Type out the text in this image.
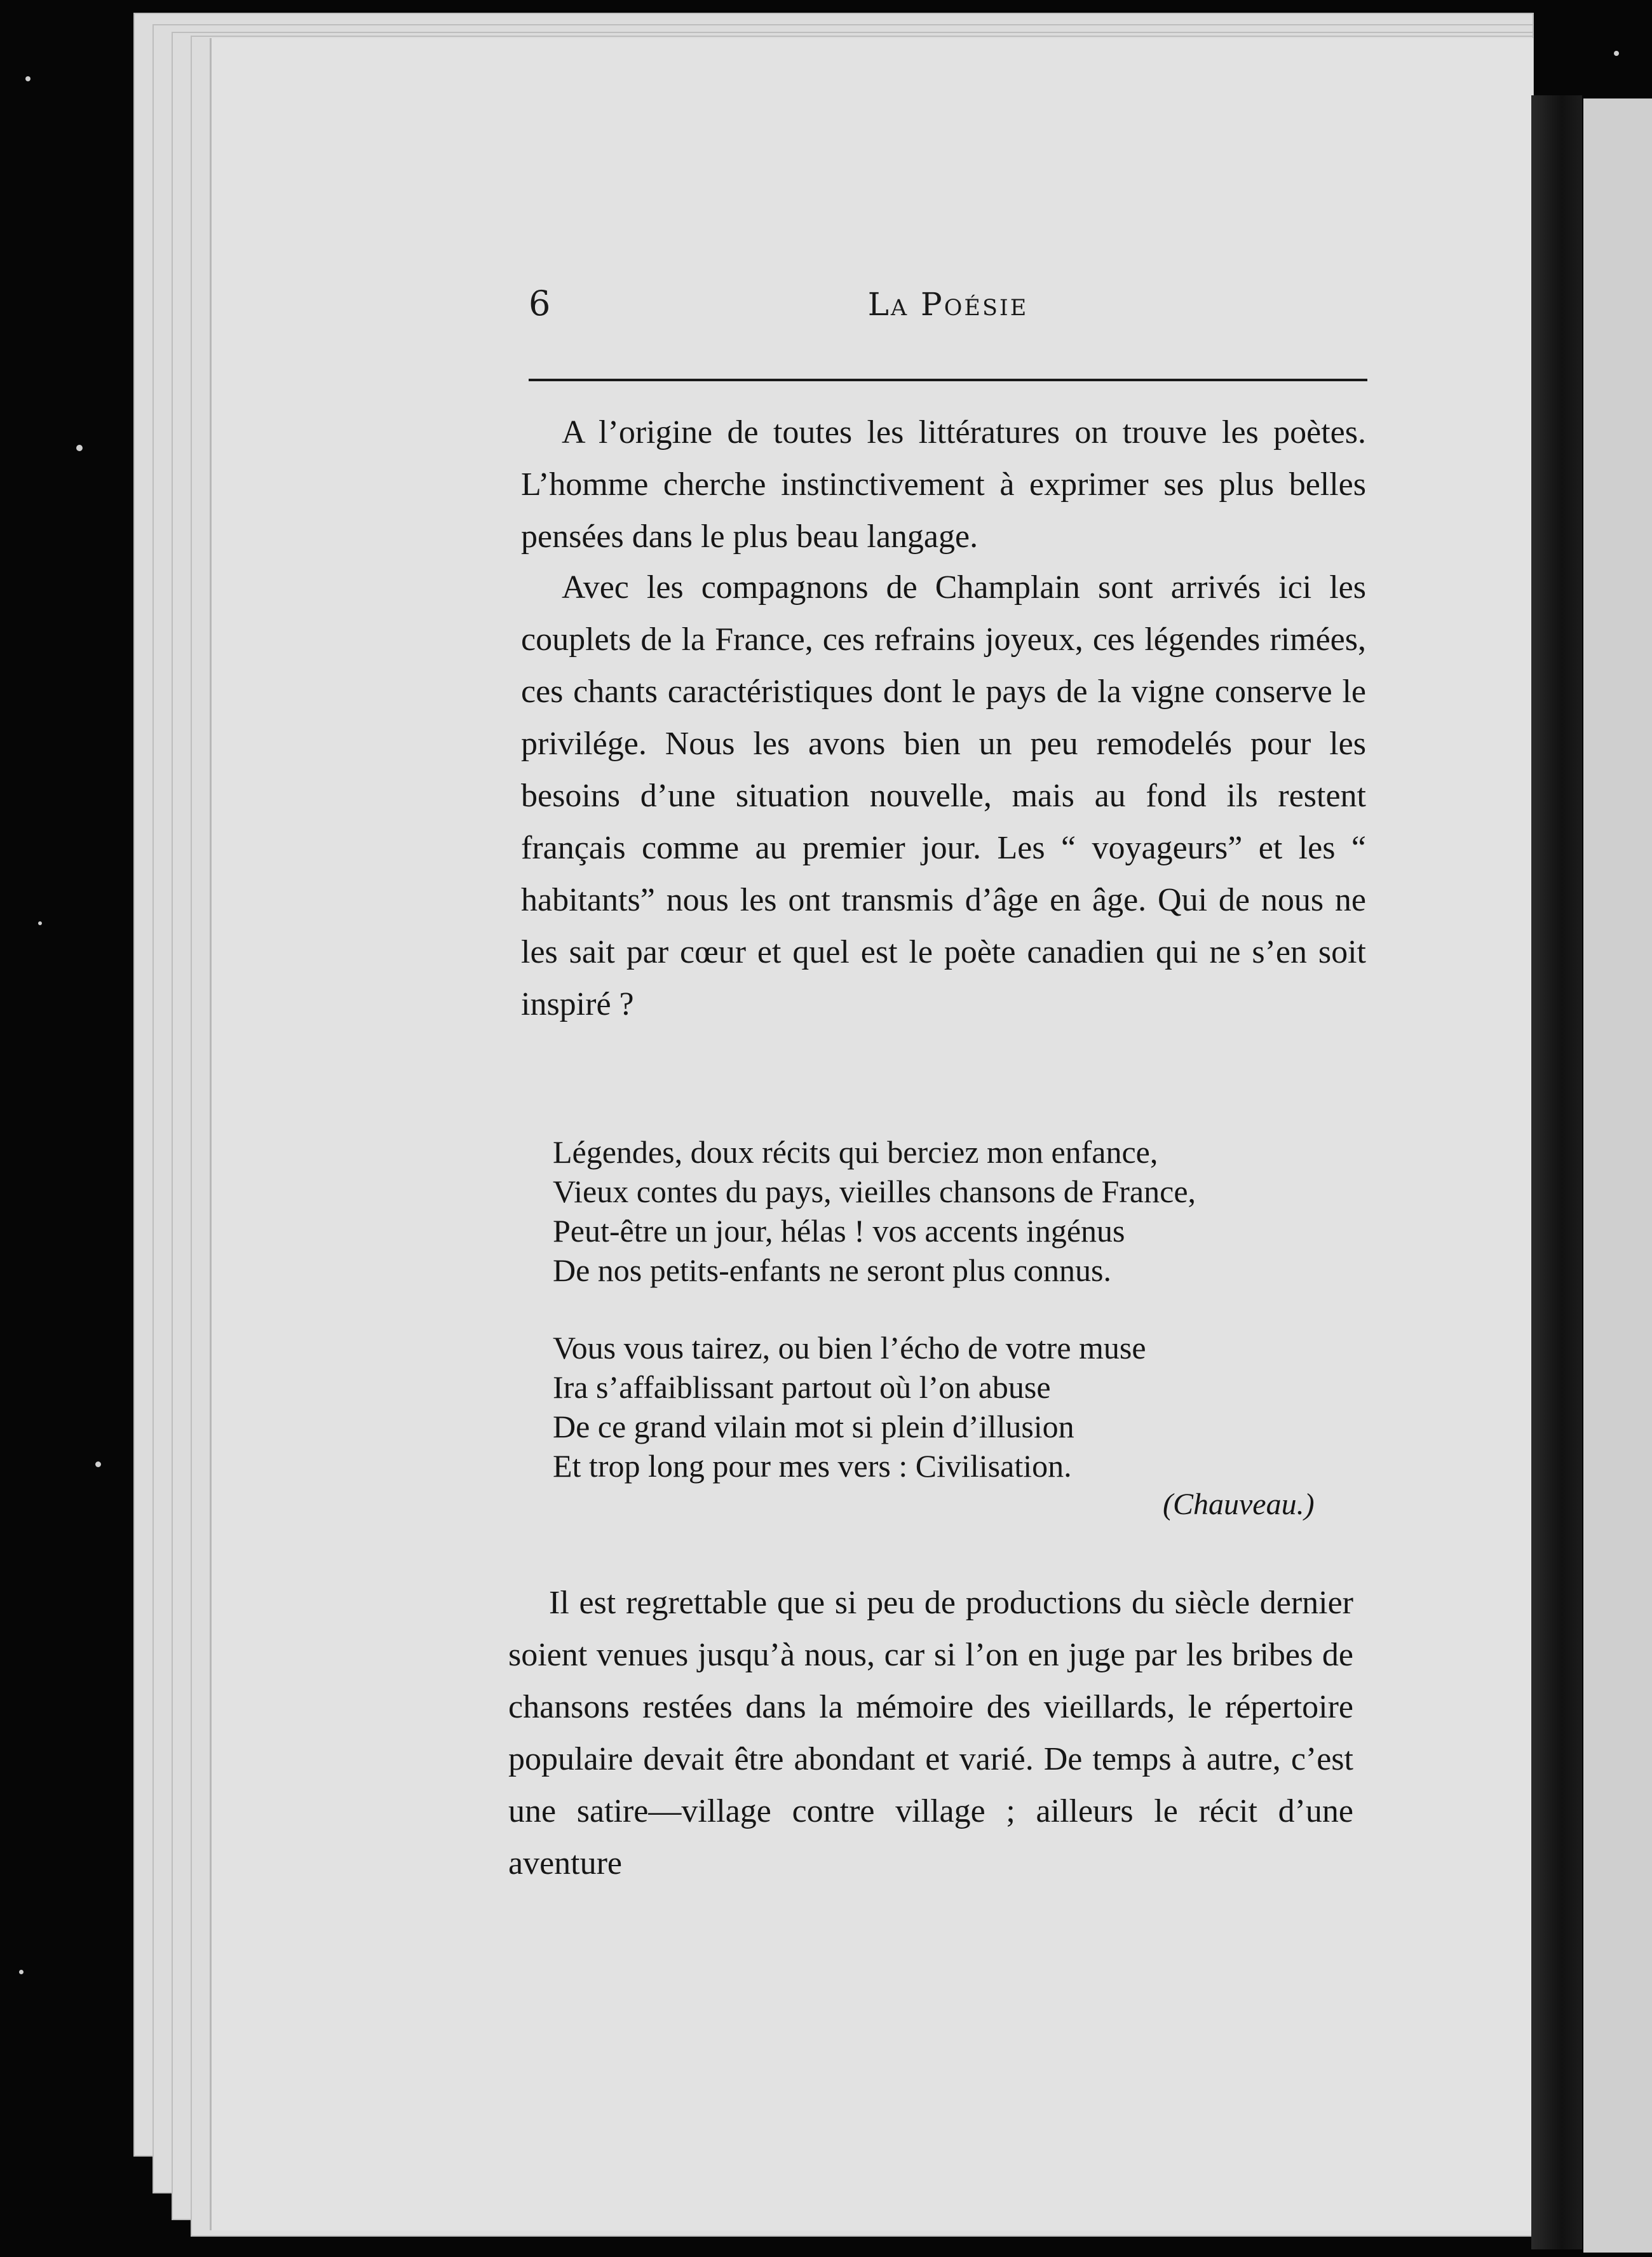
6	La Poésie

A l’origine de toutes les littératures on trouve les poètes. L’homme cherche instinctivement à exprimer ses plus belles pensées dans le plus beau langage.

Avec les compagnons de Champlain sont arrivés ici les couplets de la France, ces refrains joyeux, ces légendes rimées, ces chants caractéristiques dont le pays de la vigne conserve le privilége. Nous les avons bien un peu remodelés pour les besoins d’une situation nouvelle, mais au fond ils restent français comme au premier jour. Les “ voyageurs” et les “ habitants” nous les ont transmis d’âge en âge. Qui de nous ne les sait par cœur et quel est le poète canadien qui ne s’en soit inspiré ?

Légendes, doux récits qui berciez mon enfance,
Vieux contes du pays, vieilles chansons de France,
Peut-être un jour, hélas ! vos accents ingénus
De nos petits-enfants ne seront plus connus.
Vous vous tairez, ou bien l’écho de votre muse
Ira s’affaiblissant partout où l’on abuse
De ce grand vilain mot si plein d’illusion
Et trop long pour mes vers : Civilisation.
(Chauveau.)

Il est regrettable que si peu de productions du siècle dernier soient venues jusqu’à nous, car si l’on en juge par les bribes de chansons restées dans la mémoire des vieillards, le répertoire populaire devait être abondant et varié. De temps à autre, c’est une satire—village contre village ; ailleurs le récit d’une aventure
